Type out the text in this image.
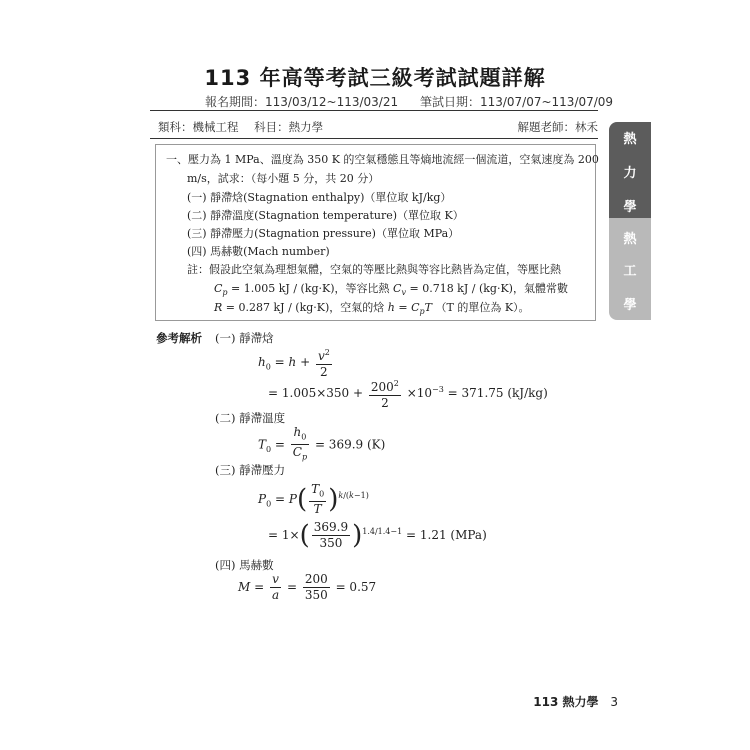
113 年高等考試三級考試試題詳解
報名期間：113/03/12~113/03/21 筆試日期：113/07/07~113/07/09
類科：機械工程 科目：熱力學	解題老師：林禾
一、壓力為 1 MPa、溫度為 350 K 的空氣穩態且等熵地流經一個流道，空氣速度為 200
m/s，試求：（每小題 5 分，共 20 分）
(一) 靜滯焓(Stagnation enthalpy)（單位取 kJ/kg）
(二) 靜滯溫度(Stagnation temperature)（單位取 K）
(三) 靜滯壓力(Stagnation pressure)（單位取 MPa）
(四) 馬赫數(Mach number)
註：假設此空氣為理想氣體，空氣的等壓比熱與等容比熱皆為定值，等壓比熱
$C_p = 1.005$ kJ / (kg·K)，等容比熱 $C_v = 0.718$ kJ / (kg·K)，氣體常數
R = 0.287 kJ / (kg·K)，空氣的焓 $h = C_pT$ （T 的單位為 K）。
參考解析 (一) 靜滯焓
$h_0 = h + \frac{v^2}{2}$
= $1.005\times 350 + \frac{200^2}{2} \times 10^{-3} = 371.75$ (kJ/kg)
(二) 靜滯溫度
$T_0 = \frac{h_0}{C_p} = 369.9$ (K)
(三) 靜滯壓力
$P_0 = P( \frac{T_0}{T} )^{k/(k-1)}$
= $1\times( \frac{369.9}{350} )^{1.4/1.4-1} = 1.21$ (MPa)
(四) 馬赫數
$M = \frac{v}{a} = \frac{200}{350} = 0.57$
熱
力
學
熱
工
學
113 熱力學 3
